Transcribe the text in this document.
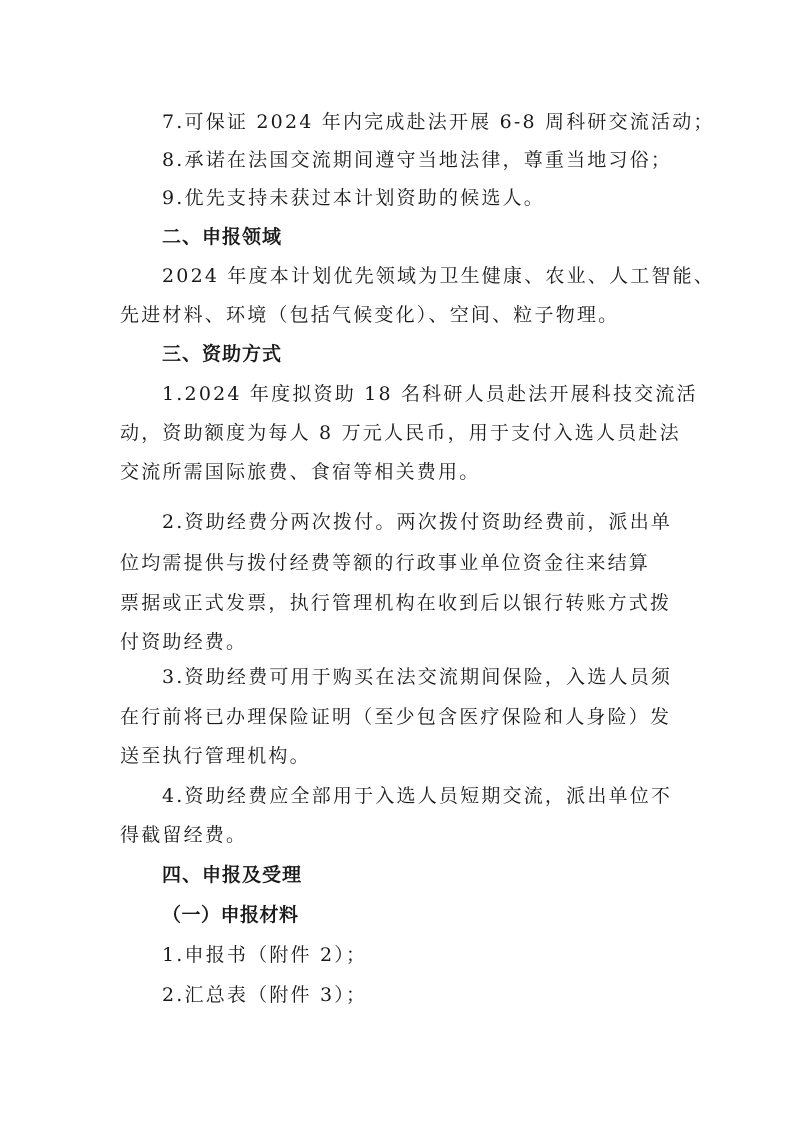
7.可保证 2024 年内完成赴法开展 6-8 周科研交流活动；
8.承诺在法国交流期间遵守当地法律，尊重当地习俗；
9.优先支持未获过本计划资助的候选人。
二、申报领域
2024 年度本计划优先领域为卫生健康、农业、人工智能、
先进材料、环境（包括气候变化）、空间、粒子物理。
三、资助方式
1.2024 年度拟资助 18 名科研人员赴法开展科技交流活
动，资助额度为每人 8 万元人民币，用于支付入选人员赴法
交流所需国际旅费、食宿等相关费用。
2.资助经费分两次拨付。两次拨付资助经费前，派出单
位均需提供与拨付经费等额的行政事业单位资金往来结算
票据或正式发票，执行管理机构在收到后以银行转账方式拨
付资助经费。
3.资助经费可用于购买在法交流期间保险，入选人员须
在行前将已办理保险证明（至少包含医疗保险和人身险）发
送至执行管理机构。
4.资助经费应全部用于入选人员短期交流，派出单位不
得截留经费。
四、申报及受理
（一）申报材料
1.申报书（附件 2）；
2.汇总表（附件 3）；
